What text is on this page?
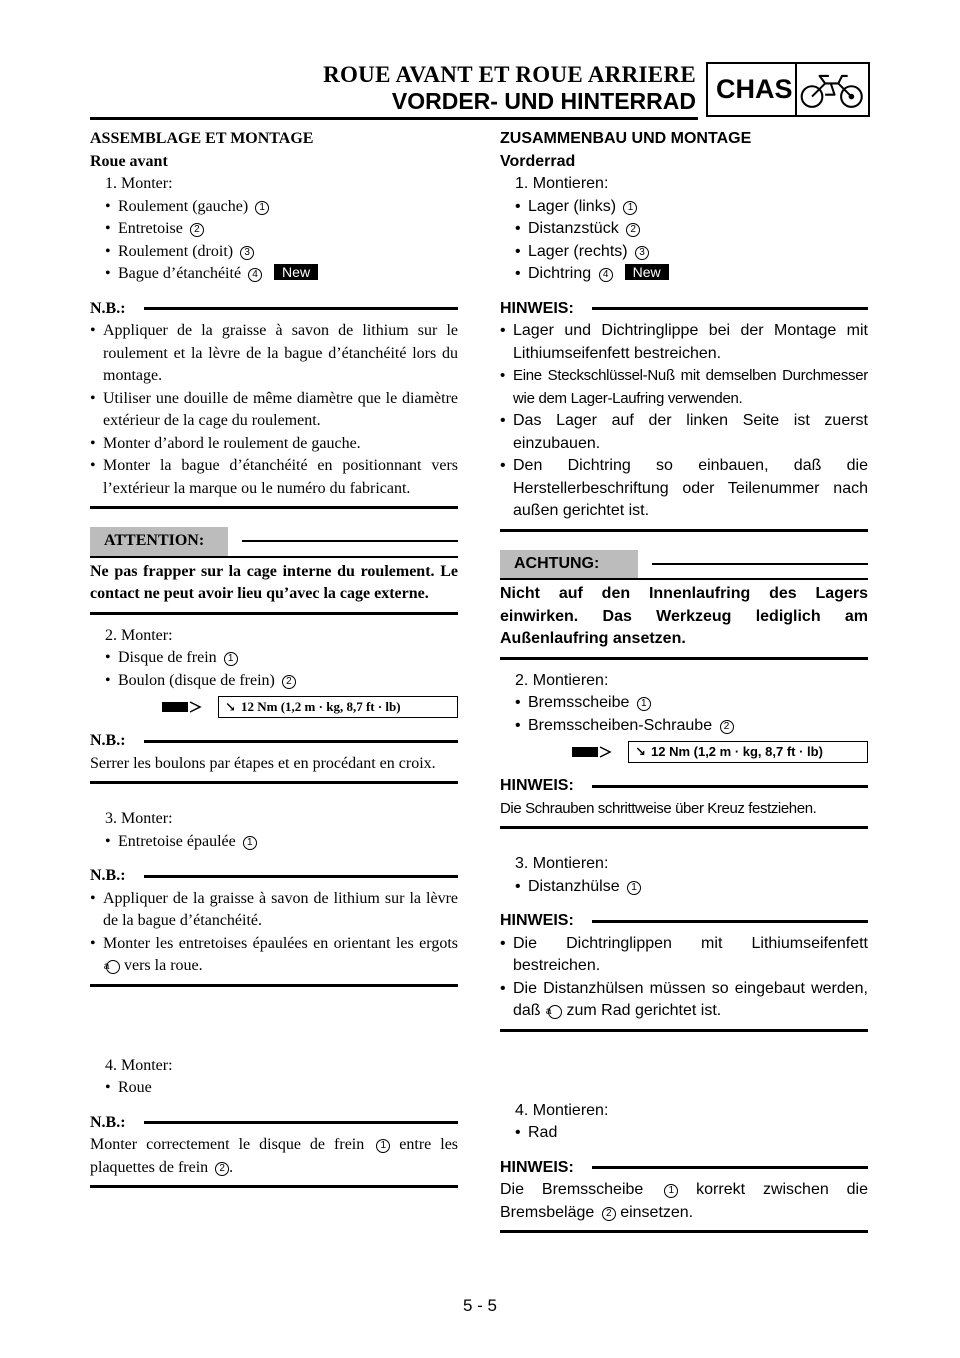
ROUE AVANT ET ROUE ARRIERE
VORDER- UND HINTERRAD CHAS

ASSEMBLAGE ET MONTAGE

Roue avant

1. Monter:

• Roulement (gauche) 1

• Entretoise 2

• Roulement (droit) 3

• Bague d’étanchéité 4 New

N.B.:

• Appliquer de la graisse à savon de lithium sur le roulement et la lèvre de la bague d’étanchéité lors du montage.

• Utiliser une douille de même diamètre que le diamètre extérieur de la cage du roulement.

• Monter d’abord le roulement de gauche.

• Monter la bague d’étanchéité en positionnant vers l’extérieur la marque ou le numéro du fabricant.

ATTENTION:

Ne pas frapper sur la cage interne du roulement. Le contact ne peut avoir lieu qu’avec la cage externe.

2. Monter:

• Disque de frein 1

• Boulon (disque de frein) 2

↘ 12 Nm (1,2 m · kg, 8,7 ft · lb)
N.B.:

Serrer les boulons par étapes et en procédant en croix.

3. Monter:

• Entretoise épaulée 1

N.B.:

• Appliquer de la graisse à savon de lithium sur la lèvre de la bague d’étanchéité.

• Monter les entretoises épaulées en orientant les ergots a vers la roue.

4. Monter:

• Roue

N.B.:

Monter correctement le disque de frein 1 entre les plaquettes de frein 2 .

ZUSAMMENBAU UND MONTAGE

Vorderrad

1. Montieren:

• Lager (links) 1

• Distanzstück 2

• Lager (rechts) 3

• Dichtring 4 New

HINWEIS:

• Lager und Dichtringlippe bei der Montage mit Lithiumseifenfett bestreichen.

• Eine Steckschlüssel-Nuß mit demselben Durchmesser wie dem Lager-Laufring verwenden.

• Das Lager auf der linken Seite ist zuerst einzubauen.

• Den Dichtring so einbauen, daß die Herstellerbeschriftung oder Teilenummer nach außen gerichtet ist.

ACHTUNG:

Nicht auf den Innenlaufring des Lagers einwirken. Das Werkzeug lediglich am Außenlaufring ansetzen.

2. Montieren:

• Bremsscheibe 1

• Bremsscheiben-Schraube 2

↘ 12 Nm (1,2 m · kg, 8,7 ft · lb)
HINWEIS:

Die Schrauben schrittweise über Kreuz festziehen.

3. Montieren:

• Distanzhülse 1

HINWEIS:

• Die Dichtringlippen mit Lithiumseifenfett bestreichen.

• Die Distanzhülsen müssen so eingebaut werden, daß a zum Rad gerichtet ist.

4. Montieren:

• Rad

HINWEIS:

Die Bremsscheibe	1 korrekt zwischen die Bremsbeläge 2 einsetzen.

5 - 5
